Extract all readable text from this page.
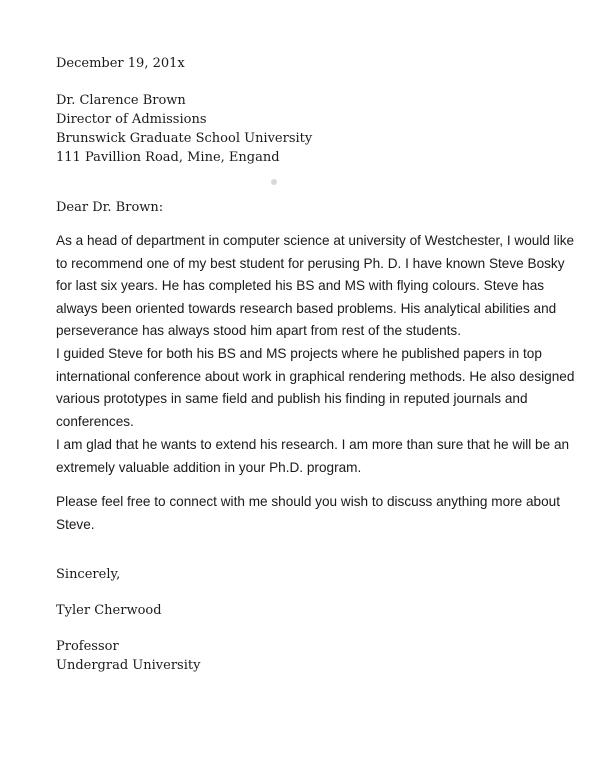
December 19, 201x
Dr. Clarence Brown
Director of Admissions
Brunswick Graduate School University
111 Pavillion Road, Mine, Engand
Dear Dr. Brown:
As a head of department in computer science at university of Westchester, I would like
to recommend one of my best student for perusing Ph. D. I have known Steve Bosky
for last six years. He has completed his BS and MS with flying colours. Steve has
always been oriented towards research based problems. His analytical abilities and
perseverance has always stood him apart from rest of the students.
I guided Steve for both his BS and MS projects where he published papers in top
international conference about work in graphical rendering methods. He also designed
various prototypes in same field and publish his finding in reputed journals and
conferences.
I am glad that he wants to extend his research. I am more than sure that he will be an
extremely valuable addition in your Ph.D. program.
Please feel free to connect with me should you wish to discuss anything more about
Steve.
Sincerely,
Tyler Cherwood
Professor
Undergrad University
